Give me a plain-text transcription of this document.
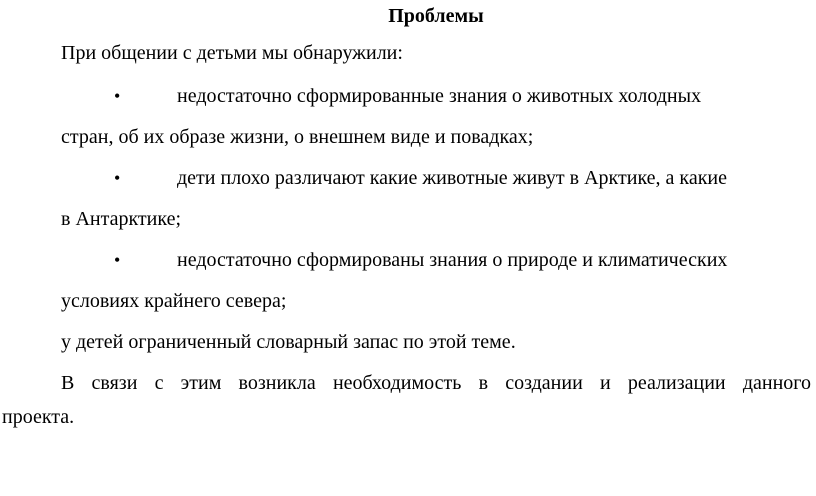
Проблемы
При общении с детьми мы обнаружили:
•	недостаточно сформированные знания о животных холодных
стран, об их образе жизни, о внешнем виде и повадках;
•	дети плохо различают какие животные живут в Арктике, а какие
в Антарктике;
•	недостаточно сформированы знания о природе и климатических
условиях крайнего севера;
у детей ограниченный словарный запас по этой теме.
В связи с этим возникла необходимость в создании и реализации данного
проекта.
